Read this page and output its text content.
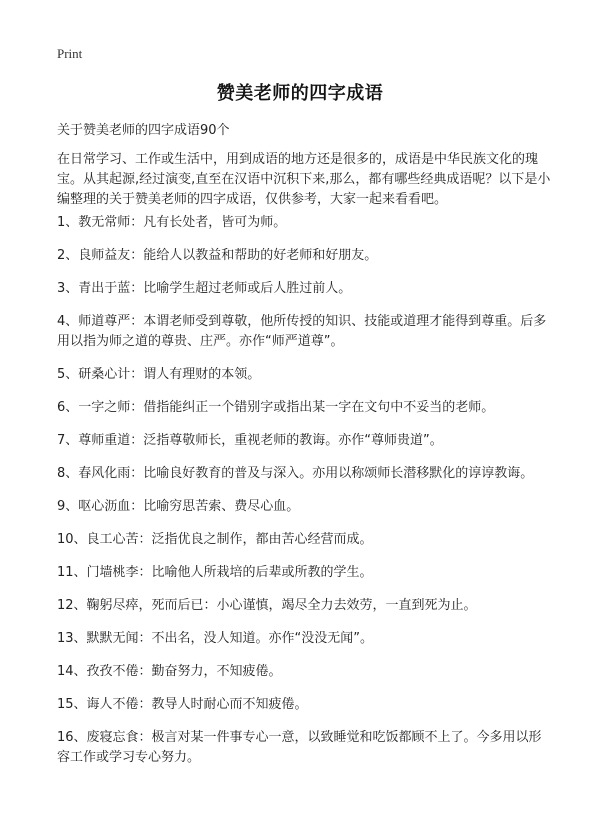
Print
赞美老师的四字成语

关于赞美老师的四字成语90个

在日常学习、工作或生活中，用到成语的地方还是很多的，成语是中华民族文化的瑰宝。从其起源,经过演变,直至在汉语中沉积下来,那么，都有哪些经典成语呢？以下是小编整理的关于赞美老师的四字成语，仅供参考，大家一起来看看吧。

1、教无常师：凡有长处者，皆可为师。
2、良师益友：能给人以教益和帮助的好老师和好朋友。
3、青出于蓝：比喻学生超过老师或后人胜过前人。
4、师道尊严：本谓老师受到尊敬，他所传授的知识、技能或道理才能得到尊重。后多用以指为师之道的尊贵、庄严。亦作“师严道尊”。
5、研桑心计：谓人有理财的本领。
6、一字之师：借指能纠正一个错别字或指出某一字在文句中不妥当的老师。
7、尊师重道：泛指尊敬师长，重视老师的教诲。亦作“尊师贵道”。
8、春风化雨：比喻良好教育的普及与深入。亦用以称颂师长潜移默化的谆谆教诲。
9、呕心沥血：比喻穷思苦索、费尽心血。
10、良工心苦：泛指优良之制作，都由苦心经营而成。
11、门墙桃李：比喻他人所栽培的后辈或所教的学生。
12、鞠躬尽瘁，死而后已：小心谨慎，竭尽全力去效劳，一直到死为止。
13、默默无闻：不出名，没人知道。亦作“没没无闻”。
14、孜孜不倦：勤奋努力，不知疲倦。
15、诲人不倦：教导人时耐心而不知疲倦。
16、废寝忘食：极言对某一件事专心一意，以致睡觉和吃饭都顾不上了。今多用以形容工作或学习专心努力。
